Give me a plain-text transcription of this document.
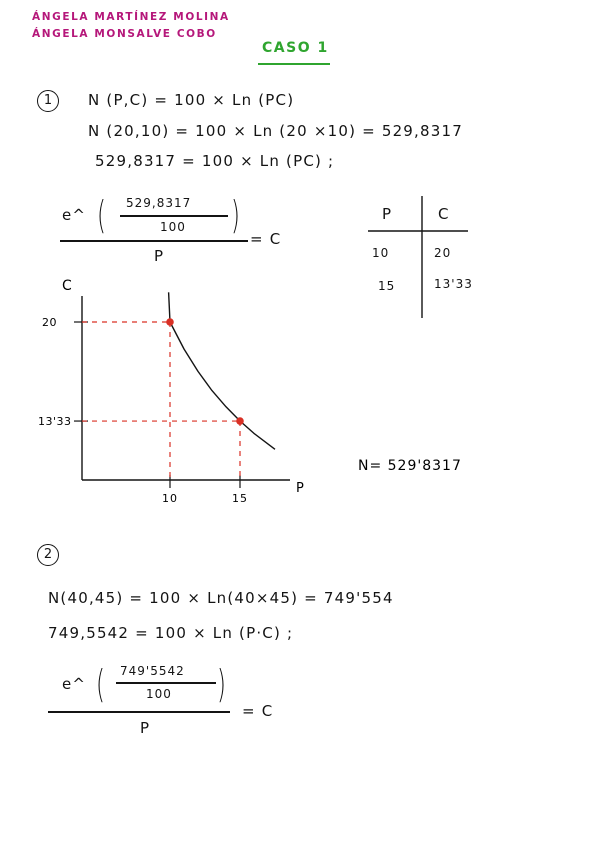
ÁNGELA MARTÍNEZ MOLINA
ÁNGELA MONSALVE COBO
CASO 1
1	N (P,C) = 100 × Ln (PC)
N (20,10) = 100 × Ln (20 ×10) = 529,8317
529,8317 = 100 × Ln (PC) ;
e^ ( 529,8317
100 )
P
= C
P	C
10	20
15	13'33
C
P
20
13'33
10	15
N= 529'8317
2
N(40,45) = 100 × Ln(40×45) = 749'554
749,5542 = 100 × Ln (P·C) ;
e^ ( 749'5542
100 )
P
= C
